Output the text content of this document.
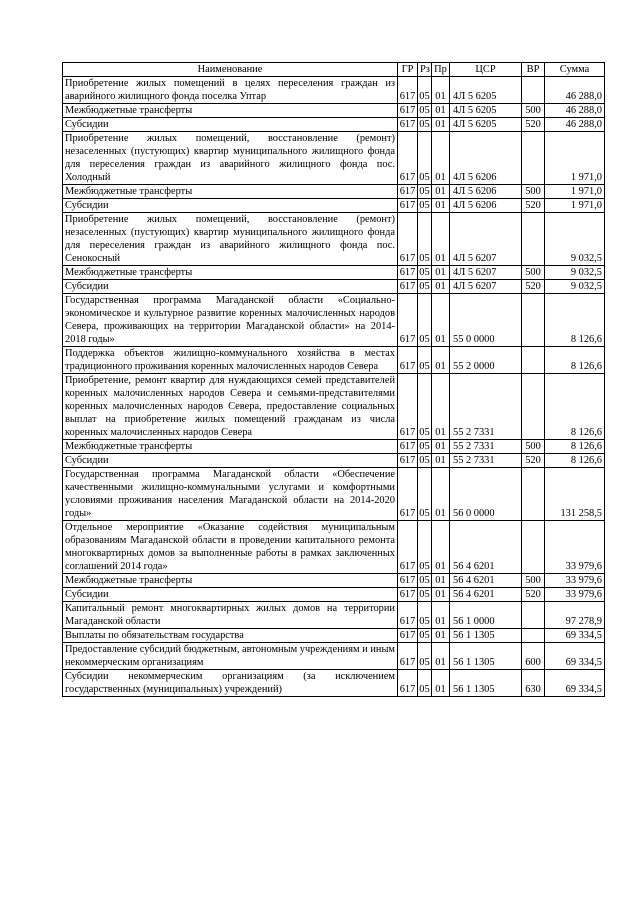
Наименование	ГР	Рз	Пр	ЦСР	ВР	Сумма
Приобретение жилых помещений в целях переселения граждан из аварийного жилищного фонда поселка Уптар	617	05	01	4Л 5 6205		46 288,0
Межбюджетные трансферты	617	05	01	4Л 5 6205	500	46 288,0
Субсидии	617	05	01	4Л 5 6205	520	46 288,0
Приобретение жилых помещений, восстановление (ремонт) незаселенных (пустующих) квартир муниципального жилищного фонда для переселения граждан из аварийного жилищного фонда пос. Холодный	617	05	01	4Л 5 6206		1 971,0
Межбюджетные трансферты	617	05	01	4Л 5 6206	500	1 971,0
Субсидии	617	05	01	4Л 5 6206	520	1 971,0
Приобретение жилых помещений, восстановление (ремонт) незаселенных (пустующих) квартир муниципального жилищного фонда для переселения граждан из аварийного жилищного фонда пос. Сенокосный	617	05	01	4Л 5 6207		9 032,5
Межбюджетные трансферты	617	05	01	4Л 5 6207	500	9 032,5
Субсидии	617	05	01	4Л 5 6207	520	9 032,5
Государственная программа Магаданской области «Социально-экономическое и культурное развитие коренных малочисленных народов Севера, проживающих на территории Магаданской области» на 2014-2018 годы»	617	05	01	55 0 0000		8 126,6
Поддержка объектов жилищно-коммунального хозяйства в местах традиционного проживания коренных малочисленных народов Севера	617	05	01	55 2 0000		8 126,6
Приобретение, ремонт квартир для нуждающихся семей представителей коренных малочисленных народов Севера и семьями-представителями коренных малочисленных народов Севера, предоставление социальных выплат на приобретение жилых помещений гражданам из числа коренных малочисленных народов Севера	617	05	01	55 2 7331		8 126,6
Межбюджетные трансферты	617	05	01	55 2 7331	500	8 126,6
Субсидии	617	05	01	55 2 7331	520	8 126,6
Государственная программа Магаданской области «Обеспечение качественными жилищно-коммунальными услугами и комфортными условиями проживания населения Магаданской области на 2014-2020 годы»	617	05	01	56 0 0000		131 258,5
Отдельное мероприятие «Оказание содействия муниципальным образованиям Магаданской области в проведении капитального ремонта многоквартирных домов за выполненные работы в рамках заключенных соглашений 2014 года»	617	05	01	56 4 6201		33 979,6
Межбюджетные трансферты	617	05	01	56 4 6201	500	33 979,6
Субсидии	617	05	01	56 4 6201	520	33 979,6
Капитальный ремонт многоквартирных жилых домов на территории Магаданской области	617	05	01	56 1 0000		97 278,9
Выплаты по обязательствам государства	617	05	01	56 1 1305		69 334,5
Предоставление субсидий бюджетным, автономным учреждениям и иным некоммерческим организациям	617	05	01	56 1 1305	600	69 334,5
Субсидии некоммерческим организациям (за исключением государственных (муниципальных) учреждений)	617	05	01	56 1 1305	630	69 334,5
